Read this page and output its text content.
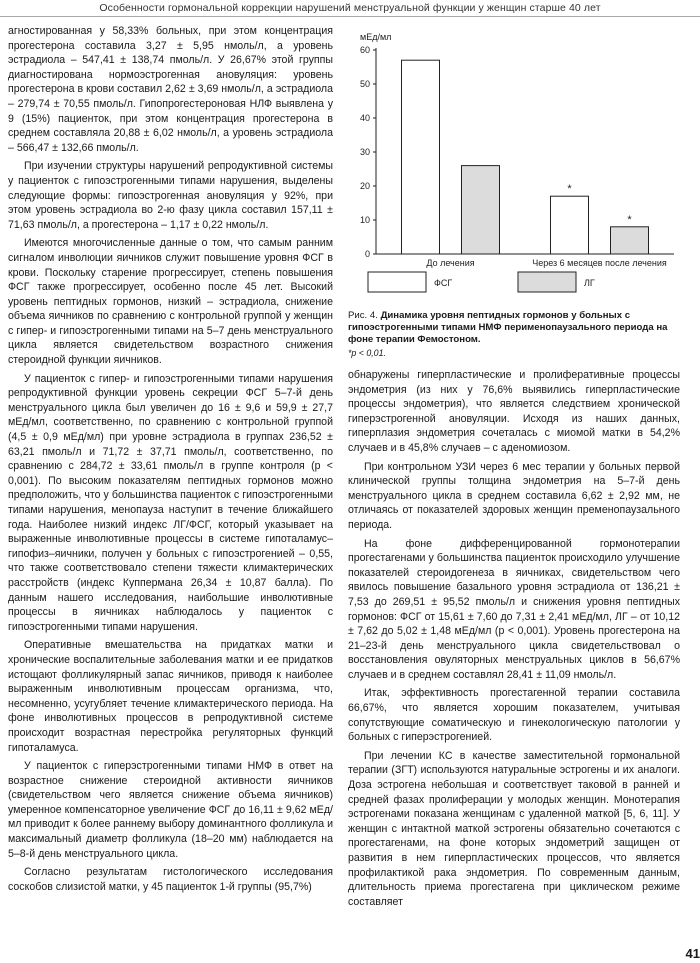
Особенности гормональной коррекции нарушений менструальной функции у женщин старше 40 лет

агностированная у 58,33% больных, при этом концентрация прогестерона составила 3,27 ± 5,95 нмоль/л, а уровень эстрадиола – 547,41 ± 138,74 пмоль/л. У 26,67% этой группы диагностирована нормоэстрогенная ановуляция: уровень прогестерона в крови составил 2,62 ± 3,69 нмоль/л, а эстрадиола – 279,74 ± 70,55 пмоль/л. Гипопрогестероновая НЛФ выявлена у 9 (15%) пациенток, при этом концентрация прогестерона в среднем составляла 20,88 ± 6,02 нмоль/л, а уровень эстрадиола – 566,47 ± 132,66 пмоль/л.

При изучении структуры нарушений репродуктивной системы у пациенток с гипоэстрогенными типами нарушения, выделены следующие формы: гипоэстрогенная ановуляция у 92%, при этом уровень эстрадиола во 2-ю фазу цикла составил 157,11 ± 71,63 пмоль/л, а прогестерона – 1,17 ± 0,22 нмоль/л.

Имеются многочисленные данные о том, что самым ранним сигналом инволюции яичников служит повышение уровня ФСГ в крови. Поскольку старение прогрессирует, степень повышения ФСГ также прогрессирует, особенно после 45 лет. Высокий уровень пептидных гормонов, низкий – эстрадиола, снижение объема яичников по сравнению с контрольной группой у женщин с гипер- и гипоэстрогенными типами на 5–7 день менструального цикла является свидетельством возрастного снижения стероидной функции яичников.

У пациенток с гипер- и гипоэстрогенными типами нарушения репродуктивной функции уровень секреции ФСГ 5–7-й день менструального цикла был увеличен до 16 ± 9,6 и 59,9 ± 27,7 мЕд/мл, соответственно, по сравнению с контрольной группой (4,5 ± 0,9 мЕд/мл) при уровне эстрадиола в группах 236,52 ± 63,21 пмоль/л и 71,72 ± 37,71 пмоль/л, соответственно, по сравнению с 284,72 ± 33,61 пмоль/л в группе контроля (p < 0,001). По высоким показателям пептидных гормонов можно предположить, что у большинства пациенток с гипоэстрогенными типами нарушения, менопауза наступит в течение ближайшего года. Наиболее низкий индекс ЛГ/ФСГ, который указывает на выраженные инволютивные процессы в системе гипоталамус–гипофиз–яичники, получен у больных с гипоэстрогенией – 0,55, что также соответствовало степени тяжести климактерических расстройств (индекс Куппермана 26,34 ± 10,87 балла). По данным нашего исследования, наибольшие инволютивные процессы в яичниках наблюдалось у пациенток с гипоэстрогенными типами нарушения.

Оперативные вмешательства на придатках матки и хронические воспалительные заболевания матки и ее придатков истощают фолликулярный запас яичников, приводя к наиболее выраженным инволютивным процессам организма, что, несомненно, усугубляет течение климактерического периода. На фоне инволютивных процессов в репродуктивной системе происходит возрастная перестройка регуляторных функций гипоталамуса.

У пациенток с гиперэстрогенными типами НМФ в ответ на возрастное снижение стероидной активности яичников (свидетельством чего является снижение объема яичников) умеренное компенсаторное увеличение ФСГ до 16,11 ± 9,62 мЕд/мл приводит к более раннему выбору доминантного фолликула и максимальный диаметр фолликула (18–20 мм) наблюдается на 5–8-й день менструального цикла.

Согласно результатам гистологического исследования соскобов слизистой матки, у 45 пациенток 1-й группы (95,7%)

мЕд/мл
0
10
20
30
40
50
60
До лечения
*
*
Через 6 месяцев после лечения
ФСГ	ЛГ
Рис. 4. Динамика уровня пептидных гормонов у больных с гипоэстрогенными типами НМФ перименопаузального периода на фоне терапии Фемостоном.
*p < 0,01.

обнаружены гиперпластические и пролиферативные процессы эндометрия (из них у 76,6% выявились гиперпластические процессы эндометрия), что является следствием хронической гиперэстрогенной ановуляции. Исходя из наших данных, гиперплазия эндометрия сочеталась с миомой матки в 54,2% случаев и в 45,8% случаев – с аденомиозом.

При контрольном УЗИ через 6 мес терапии у больных первой клинической группы толщина эндометрия на 5–7-й день менструального цикла в среднем составила 6,62 ± 2,92 мм, не отличаясь от показателей здоровых женщин пременопаузального периода.

На фоне дифференцированной гормонотерапии прогестагенами у большинства пациенток происходило улучшение показателей стероидогенеза в яичниках, свидетельством чего явилось повышение базального уровня эстрадиола от 136,21 ± 7,53 до 269,51 ± 95,52 пмоль/л и снижения уровня пептидных гормонов: ФСГ от 15,61 ± 7,60 до 7,31 ± 2,41 мЕд/мл, ЛГ – от 10,12 ± 7,62 до 5,02 ± 1,48 мЕд/мл (p < 0,001). Уровень прогестерона на 21–23-й день менструального цикла свидетельствовал о восстановления овуляторных менструальных циклов в 56,67% случаев и в среднем составлял 28,41 ± 11,09 нмоль/л.

Итак, эффективность прогестагенной терапии составила 66,67%, что является хорошим показателем, учитывая сопутствующие соматическую и гинекологическую патологии у больных с гиперэстрогенией.

При лечении КС в качестве заместительной гормональной терапии (ЗГТ) используются натуральные эстрогены и их аналоги. Доза эстрогена небольшая и соответствует таковой в ранней и средней фазах пролиферации у молодых женщин. Монотерапия эстрогенами показана женщинам с удаленной маткой [5, 6, 11]. У женщин с интактной маткой эстрогены обязательно сочетаются с прогестагенами, на фоне которых эндометрий защищен от развития в нем гиперпластических процессов, что является профилактикой рака эндометрия. По современным данным, длительность приема прогестагена при циклическом режиме составляет

41
